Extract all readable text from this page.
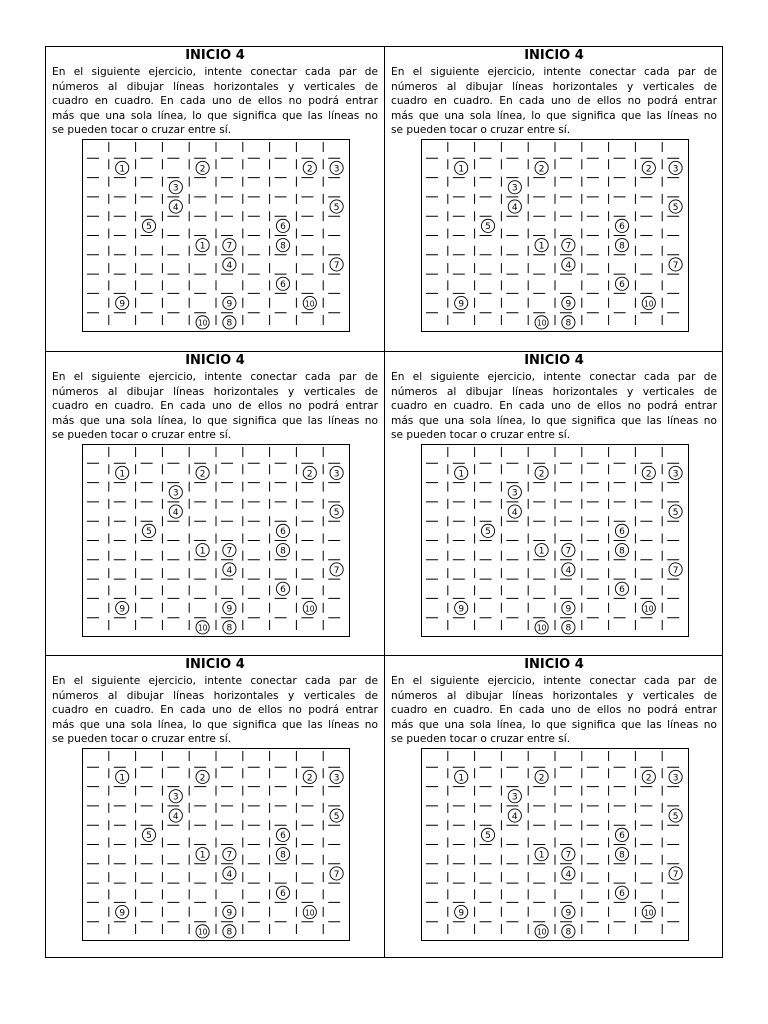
INICIO 4
En el siguiente ejercicio, intente conectar cada par de
números al dibujar líneas horizontales y verticales de
cuadro en cuadro. En cada uno de ellos no podrá entrar
más que una sola línea, lo que significa que las líneas no
se pueden tocar o cruzar entre sí.
1	2	2 3
3
4	5
5	6
1 7	8
4	7
6
9	9	10
10 8
INICIO 4
En el siguiente ejercicio, intente conectar cada par de
números al dibujar líneas horizontales y verticales de
cuadro en cuadro. En cada uno de ellos no podrá entrar
más que una sola línea, lo que significa que las líneas no
se pueden tocar o cruzar entre sí.
1	2	2 3
3
4	5
5	6
1 7	8
4	7
6
9	9	10
10 8
INICIO 4
En el siguiente ejercicio, intente conectar cada par de
números al dibujar líneas horizontales y verticales de
cuadro en cuadro. En cada uno de ellos no podrá entrar
más que una sola línea, lo que significa que las líneas no
se pueden tocar o cruzar entre sí.
1	2	2 3
3
4	5
5	6
1 7	8
4	7
6
9	9	10
10 8
INICIO 4
En el siguiente ejercicio, intente conectar cada par de
números al dibujar líneas horizontales y verticales de
cuadro en cuadro. En cada uno de ellos no podrá entrar
más que una sola línea, lo que significa que las líneas no
se pueden tocar o cruzar entre sí.
1	2	2 3
3
4	5
5	6
1 7	8
4	7
6
9	9	10
10 8
INICIO 4
En el siguiente ejercicio, intente conectar cada par de
números al dibujar líneas horizontales y verticales de
cuadro en cuadro. En cada uno de ellos no podrá entrar
más que una sola línea, lo que significa que las líneas no
se pueden tocar o cruzar entre sí.
1	2	2 3
3
4	5
5	6
1 7	8
4	7
6
9	9	10
10 8
INICIO 4
En el siguiente ejercicio, intente conectar cada par de
números al dibujar líneas horizontales y verticales de
cuadro en cuadro. En cada uno de ellos no podrá entrar
más que una sola línea, lo que significa que las líneas no
se pueden tocar o cruzar entre sí.
1	2	2 3
3
4	5
5	6
1 7	8
4	7
6
9	9	10
10 8
